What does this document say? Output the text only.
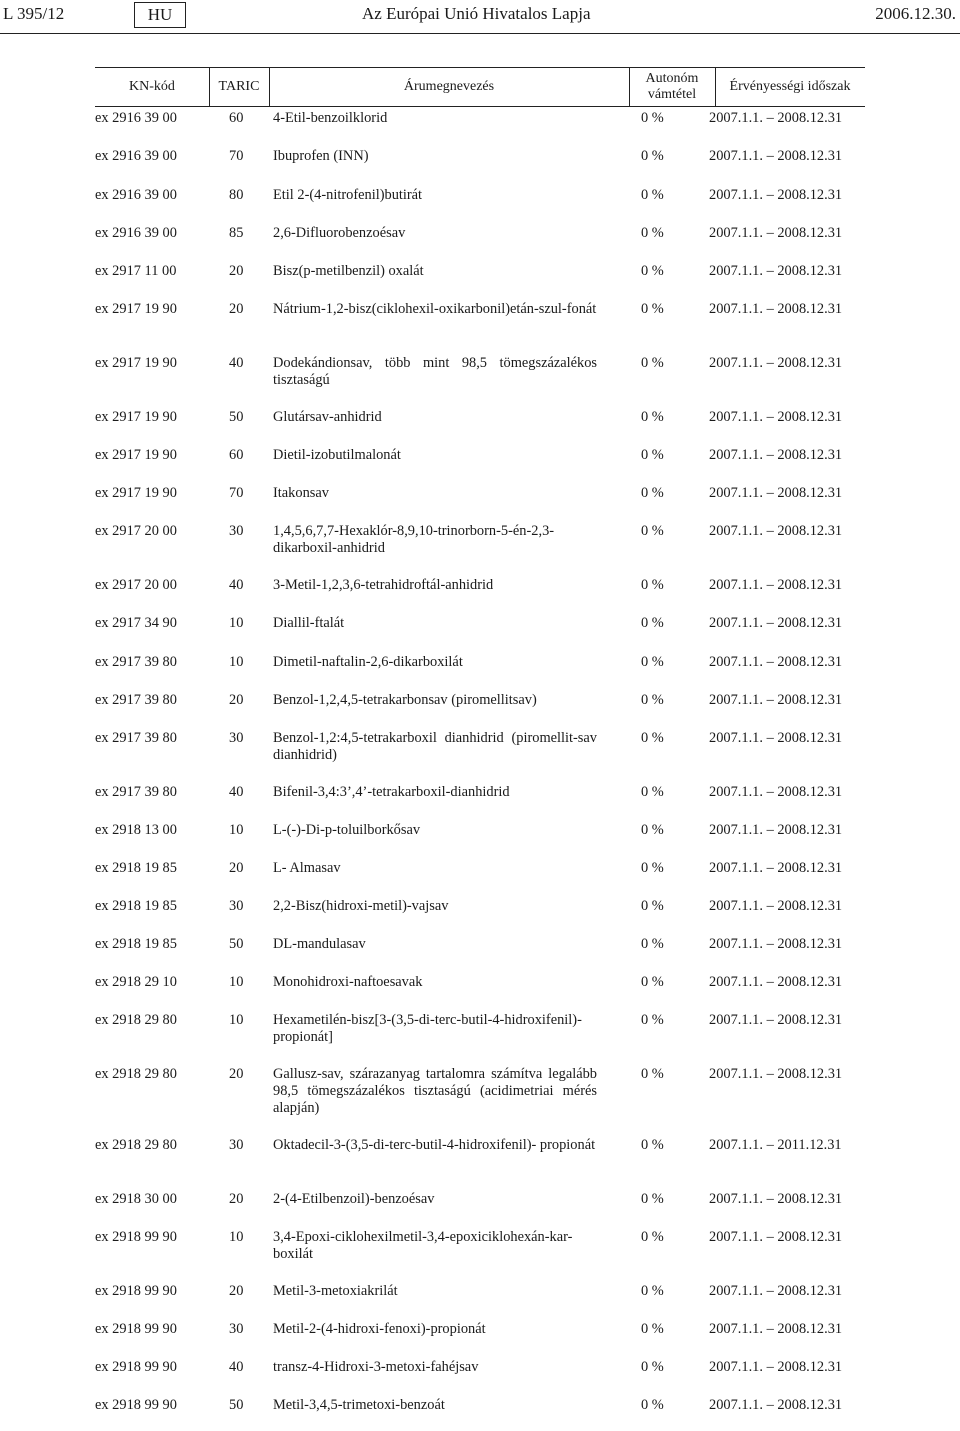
L 395/12	HU	Az Európai Unió Hivatalos Lapja	2006.12.30.
KN-kód	TARIC	Árumegnevezés
Autonóm
vámtétel
Érvényességi időszak
ex 2916 39 00	60 4-Etil-benzoilklorid	0 %	2007.1.1. – 2008.12.31
ex 2916 39 00	70 Ibuprofen (INN)	0 %	2007.1.1. – 2008.12.31
ex 2916 39 00	80 Etil 2-(4-nitrofenil)butirát	0 %	2007.1.1. – 2008.12.31
ex 2916 39 00	85 2,6-Difluorobenzoésav	0 %	2007.1.1. – 2008.12.31
ex 2917 11 00	20 Bisz(p-metilbenzil) oxalát	0 %	2007.1.1. – 2008.12.31
ex 2917 19 90	20 Nátrium-1,2-bisz(ciklohexil-oxikarbonil)etán-szul-fonát	0 %	2007.1.1. – 2008.12.31
ex 2917 19 90	40 Dodekándionsav, több mint 98,5 tömegszázalékos tisztaságú
0 %	2007.1.1. – 2008.12.31
ex 2917 19 90	50 Glutársav-anhidrid	0 %	2007.1.1. – 2008.12.31
ex 2917 19 90	60 Dietil-izobutilmalonát	0 %	2007.1.1. – 2008.12.31
ex 2917 19 90	70 Itakonsav	0 %	2007.1.1. – 2008.12.31
ex 2917 20 00	30 1,4,5,6,7,7-Hexaklór-8,9,10-trinorborn-5-én-2,3-dikarboxil-anhidrid
0 %	2007.1.1. – 2008.12.31
ex 2917 20 00	40 3-Metil-1,2,3,6-tetrahidroftál-anhidrid	0 %	2007.1.1. – 2008.12.31
ex 2917 34 90	10 Diallil-ftalát	0 %	2007.1.1. – 2008.12.31
ex 2917 39 80	10 Dimetil-naftalin-2,6-dikarboxilát	0 %	2007.1.1. – 2008.12.31
ex 2917 39 80	20 Benzol-1,2,4,5-tetrakarbonsav (piromellitsav)	0 %	2007.1.1. – 2008.12.31
ex 2917 39 80	30 Benzol-1,2:4,5-tetrakarboxil dianhidrid (piromellit-sav dianhidrid)
0 %	2007.1.1. – 2008.12.31
ex 2917 39 80	40 Bifenil-3,4:3’,4’-tetrakarboxil-dianhidrid	0 %	2007.1.1. – 2008.12.31
ex 2918 13 00	10 L-(-)-Di-p-toluilborkősav	0 %	2007.1.1. – 2008.12.31
ex 2918 19 85	20 L- Almasav	0 %	2007.1.1. – 2008.12.31
ex 2918 19 85	30 2,2-Bisz(hidroxi-metil)-vajsav	0 %	2007.1.1. – 2008.12.31
ex 2918 19 85	50 DL-mandulasav	0 %	2007.1.1. – 2008.12.31
ex 2918 29 10	10 Monohidroxi-naftoesavak	0 %	2007.1.1. – 2008.12.31
ex 2918 29 80	10 Hexametilén-bisz[3-(3,5-di-terc-butil-4-hidroxifenil)-propionát]
0 %	2007.1.1. – 2008.12.31
ex 2918 29 80	20 Gallusz-sav, szárazanyag tartalomra számítva legalább 98,5 tömegszázalékos tisztaságú (acidimetriai mérés alapján)
0 %	2007.1.1. – 2008.12.31
ex 2918 29 80	30 Oktadecil-3-(3,5-di-terc-butil-4-hidroxifenil)- propionát	0 %	2007.1.1. – 2011.12.31
ex 2918 30 00	20 2-(4-Etilbenzoil)-benzoésav	0 %	2007.1.1. – 2008.12.31
ex 2918 99 90	10 3,4-Epoxi-ciklohexilmetil-3,4-epoxiciklohexán-kar-boxilát
0 %	2007.1.1. – 2008.12.31
ex 2918 99 90	20 Metil-3-metoxiakrilát	0 %	2007.1.1. – 2008.12.31
ex 2918 99 90	30 Metil-2-(4-hidroxi-fenoxi)-propionát	0 %	2007.1.1. – 2008.12.31
ex 2918 99 90	40 transz-4-Hidroxi-3-metoxi-fahéjsav	0 %	2007.1.1. – 2008.12.31
ex 2918 99 90	50 Metil-3,4,5-trimetoxi-benzoát	0 %	2007.1.1. – 2008.12.31
